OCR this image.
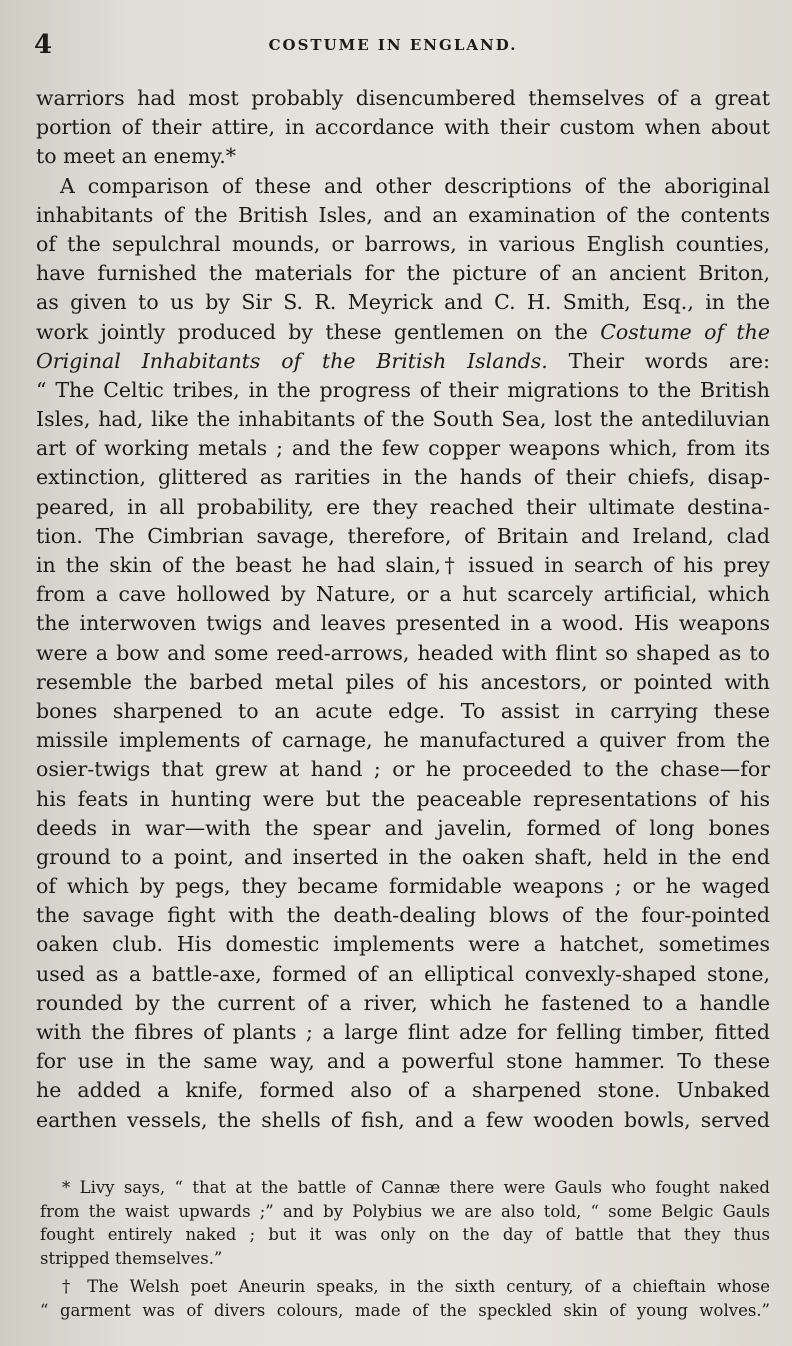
4	COSTUME IN ENGLAND.
warriors had most probably disencumbered themselves of a great
portion of their attire, in accordance with their custom when about
to meet an enemy.*
A comparison of these and other descriptions of the aboriginal
inhabitants of the British Isles, and an examination of the contents
of the sepulchral mounds, or barrows, in various English counties,
have furnished the materials for the picture of an ancient Briton,
as given to us by Sir S. R. Meyrick and C. H. Smith, Esq., in the
work jointly produced by these gentlemen on the Costume of the
Original Inhabitants of the British Islands. Their words are:
“ The Celtic tribes, in the progress of their migrations to the British
Isles, had, like the inhabitants of the South Sea, lost the antediluvian
art of working metals ; and the few copper weapons which, from its
extinction, glittered as rarities in the hands of their chiefs, disap-
peared, in all probability, ere they reached their ultimate destina-
tion. The Cimbrian savage, therefore, of Britain and Ireland, clad
in the skin of the beast he had slain,† issued in search of his prey
from a cave hollowed by Nature, or a hut scarcely artificial, which
the interwoven twigs and leaves presented in a wood. His weapons
were a bow and some reed-arrows, headed with flint so shaped as to
resemble the barbed metal piles of his ancestors, or pointed with
bones sharpened to an acute edge. To assist in carrying these
missile implements of carnage, he manufactured a quiver from the
osier-twigs that grew at hand ; or he proceeded to the chase—for
his feats in hunting were but the peaceable representations of his
deeds in war—with the spear and javelin, formed of long bones
ground to a point, and inserted in the oaken shaft, held in the end
of which by pegs, they became formidable weapons ; or he waged
the savage fight with the death-dealing blows of the four-pointed
oaken club. His domestic implements were a hatchet, sometimes
used as a battle-axe, formed of an elliptical convexly-shaped stone,
rounded by the current of a river, which he fastened to a handle
with the fibres of plants ; a large flint adze for felling timber, fitted
for use in the same way, and a powerful stone hammer. To these
he added a knife, formed also of a sharpened stone. Unbaked
earthen vessels, the shells of fish, and a few wooden bowls, served
* Livy says, “ that at the battle of Cannæ there were Gauls who fought naked
from the waist upwards ;” and by Polybius we are also told, “ some Belgic Gauls
fought entirely naked ; but it was only on the day of battle that they thus
stripped themselves.”
† The Welsh poet Aneurin speaks, in the sixth century, of a chieftain whose
“ garment was of divers colours, made of the speckled skin of young wolves.”
